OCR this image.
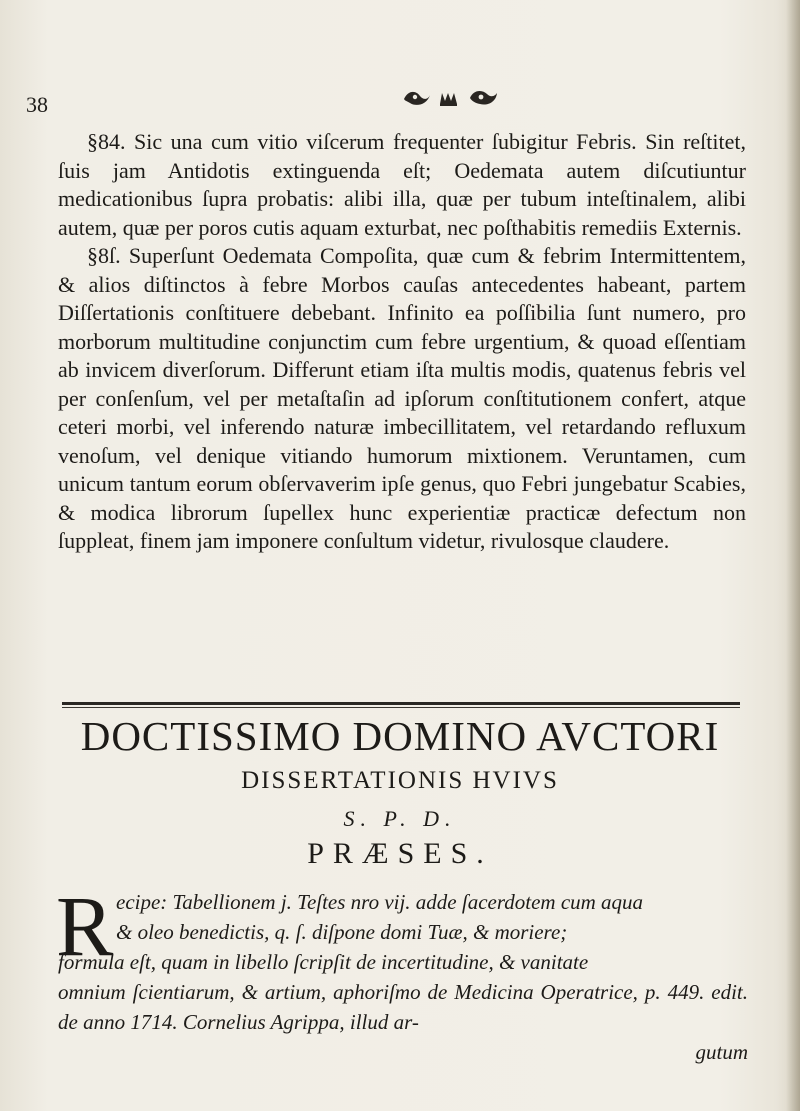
38

§84. Sic una cum vitio viſcerum frequenter ſubigitur Febris. Sin reſtitet, ſuis jam Antidotis extinguenda eſt; Oedemata autem diſcutiuntur medicationibus ſupra probatis: alibi illa, quæ per tubum inteſtinalem, alibi autem, quæ per poros cutis aquam exturbat, nec poſthabitis remediis Externis.

§8ſ. Superſunt Oedemata Compoſita, quæ cum & febrim Intermittentem, & alios diſtinctos à febre Morbos cauſas antecedentes habeant, partem Diſſertationis conſtituere debebant. Infinito ea poſſibilia ſunt numero, pro morborum multitudine conjunctim cum febre urgentium, & quoad eſſentiam ab invicem diverſorum. Differunt etiam iſta multis modis, quatenus febris vel per conſenſum, vel per metaſtaſin ad ipſorum conſtitutionem confert, atque ceteri morbi, vel inferendo naturæ imbecillitatem, vel retardando refluxum venoſum, vel denique vitiando humorum mixtionem. Veruntamen, cum unicum tantum eorum obſervaverim ipſe genus, quo Febri jungebatur Scabies, & modica librorum ſupellex hunc experientiæ practicæ defectum non ſuppleat, finem jam imponere conſultum videtur, rivulosque claudere.

DOCTISSIMO DOMINO AVCTORI
DISSERTATIONIS HVIVS
S. P. D.
PRÆSES.
R ecipe: Tabellionem j. Teſtes nro vij. adde ſacerdotem cum aqua
& oleo benedictis, q. ſ. diſpone domi Tuæ, & moriere;
formula eſt, quam in libello ſcripſit de incertitudine, & vanitate
omnium ſcientiarum, & artium, aphoriſmo de Medicina Operatrice, p. 449. edit. de anno 1714. Cornelius Agrippa, illud ar-
gutum
